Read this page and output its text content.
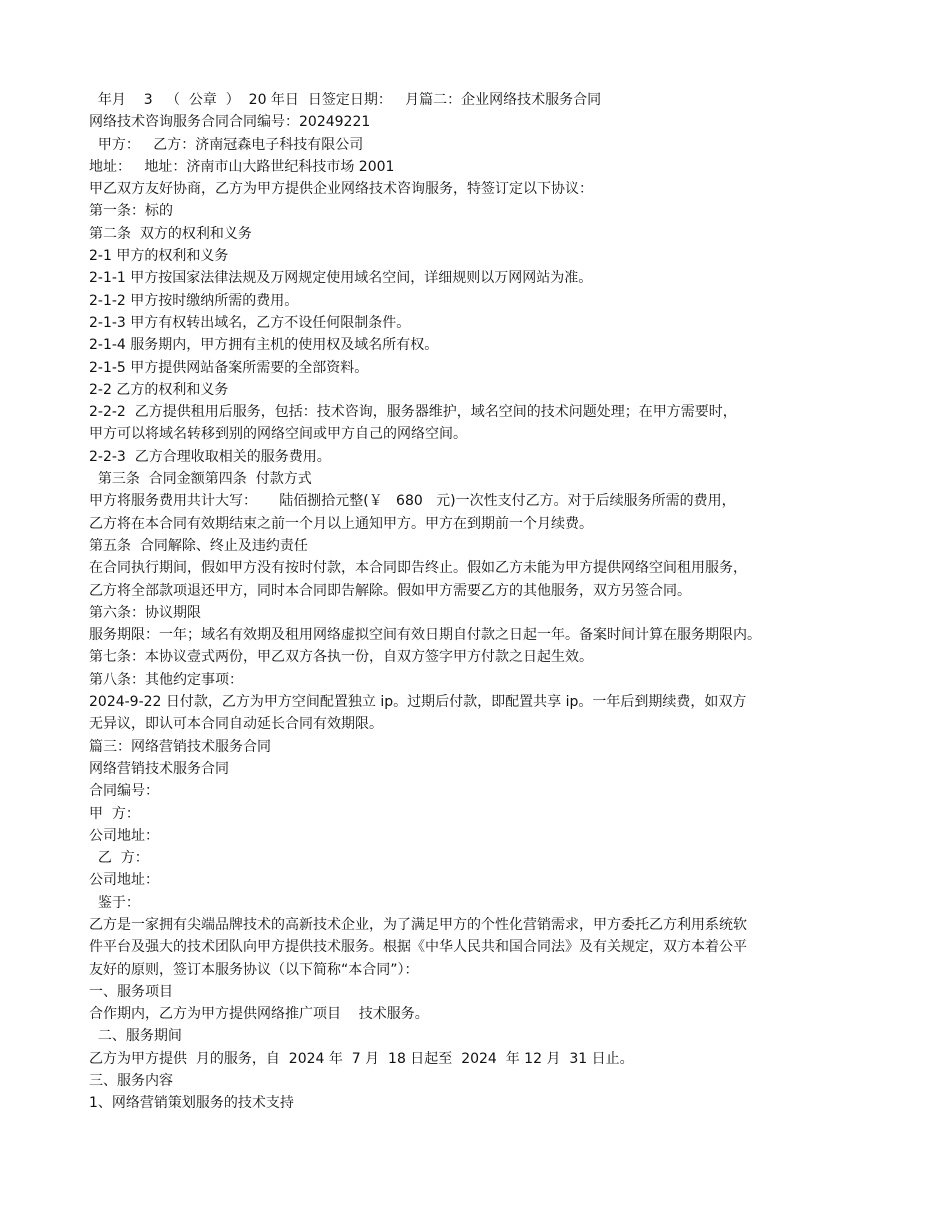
年月    3   （  公章  ）  20 年日  日签定日期：   月篇二：企业网络技术服务合同
网络技术咨询服务合同合同编号：20249221
甲方：   乙方：济南冠森电子科技有限公司
地址：   地址：济南市山大路世纪科技市场 2001
甲乙双方友好协商，乙方为甲方提供企业网络技术咨询服务，特签订定以下协议：
第一条：标的
第二条  双方的权利和义务
2-1 甲方的权利和义务
2-1-1 甲方按国家法律法规及万网规定使用域名空间，详细规则以万网网站为准。
2-1-2 甲方按时缴纳所需的费用。
2-1-3 甲方有权转出域名，乙方不设任何限制条件。
2-1-4 服务期内，甲方拥有主机的使用权及域名所有权。
2-1-5 甲方提供网站备案所需要的全部资料。
2-2 乙方的权利和义务
2-2-2  乙方提供租用后服务，包括：技术咨询，服务器维护，域名空间的技术问题处理；在甲方需要时，
甲方可以将域名转移到别的网络空间或甲方自己的网络空间。
2-2-3  乙方合理收取相关的服务费用。
第三条  合同金额第四条  付款方式
甲方将服务费用共计大写：     陆佰捌拾元整(￥   680   元)一次性支付乙方。对于后续服务所需的费用，
乙方将在本合同有效期结束之前一个月以上通知甲方。甲方在到期前一个月续费。
第五条  合同解除、终止及违约责任
在合同执行期间，假如甲方没有按时付款，本合同即告终止。假如乙方未能为甲方提供网络空间租用服务，
乙方将全部款项退还甲方，同时本合同即告解除。假如甲方需要乙方的其他服务，双方另签合同。
第六条：协议期限
服务期限：一年；域名有效期及租用网络虚拟空间有效日期自付款之日起一年。备案时间计算在服务期限内。
第七条：本协议壹式两份，甲乙双方各执一份，自双方签字甲方付款之日起生效。
第八条：其他约定事项：
2024-9-22 日付款，乙方为甲方空间配置独立 ip。过期后付款，即配置共享 ip。一年后到期续费，如双方
无异议，即认可本合同自动延长合同有效期限。
篇三：网络营销技术服务合同
网络营销技术服务合同
合同编号：
甲  方：
公司地址：
乙  方：
公司地址：
鉴于：
乙方是一家拥有尖端品牌技术的高新技术企业，为了满足甲方的个性化营销需求，甲方委托乙方利用系统软
件平台及强大的技术团队向甲方提供技术服务。根据《中华人民共和国合同法》及有关规定，双方本着公平
友好的原则，签订本服务协议（以下简称“本合同”）：
一、服务项目
合作期内，乙方为甲方提供网络推广项目    技术服务。
二、服务期间
乙方为甲方提供  月的服务，自  2024 年  7 月  18 日起至  2024  年 12 月  31 日止。
三、服务内容
1、网络营销策划服务的技术支持
